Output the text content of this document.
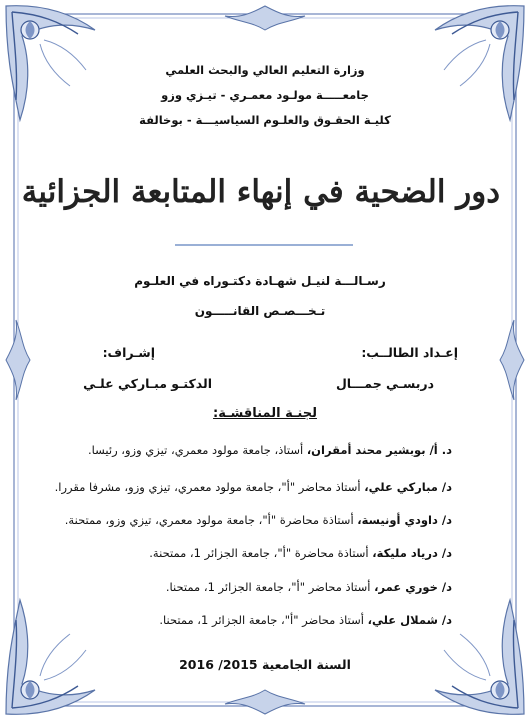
وزارة التعليم العالي والبحث العلمي
جامعـــــة مولـود معمـري - تيـزي وزو
كليـة الحقـوق والعلـوم السياسيـــة - بوخالفة
دور الضحية في إنهاء المتابعة الجزائية
رسـالـــة لنيـل شهـادة دكتـوراه في العلـوم
تـخـــصـص القانـــــون
إعـداد الطالــب:
إشـراف:
دربسـي جمـــال
الدكتـو مبـاركي علـي
لجنـة المناقشـة:
د. أ/ بوبشير محند أمقران، أستاذ، جامعة مولود معمري، تيزي وزو، رئيسا.
د/ مباركي علي، أستاذ محاضر "أ"، جامعة مولود معمري، تيزي وزو، مشرفا مقررا.
د/ داودي أونيسة، أستاذة محاضرة "أ"، جامعة مولود معمري، تيزي وزو، ممتحنة.
د/ درياد مليكة، أستاذة محاضرة "أ"، جامعة الجزائر 1، ممتحنة.
د/ خوري عمر، أستاذ محاضر "أ"، جامعة الجزائر 1، ممتحنا.
د/ شملال علي، أستاذ محاضر "أ"، جامعة الجزائر 1، ممتحنا.
السنة الجامعية 2015/ 2016
